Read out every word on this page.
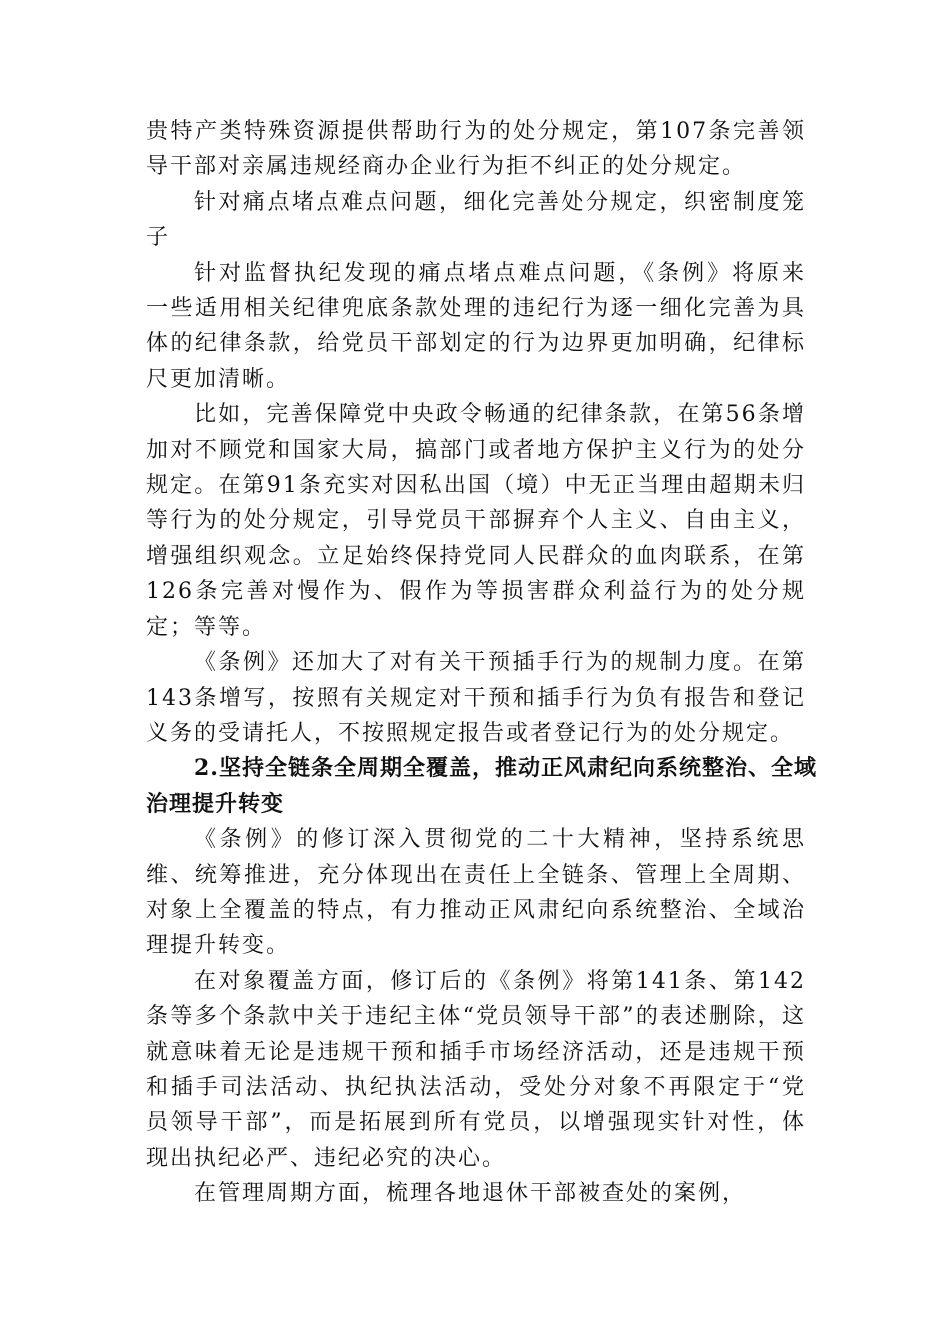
贵特产类特殊资源提供帮助行为的处分规定，第107条完善领导干部对亲属违规经商办企业行为拒不纠正的处分规定。

针对痛点堵点难点问题，细化完善处分规定，织密制度笼子

针对监督执纪发现的痛点堵点难点问题，《条例》将原来一些适用相关纪律兜底条款处理的违纪行为逐一细化完善为具体的纪律条款，给党员干部划定的行为边界更加明确，纪律标尺更加清晰。

比如，完善保障党中央政令畅通的纪律条款，在第56条增加对不顾党和国家大局，搞部门或者地方保护主义行为的处分规定。在第91条充实对因私出国（境）中无正当理由超期未归等行为的处分规定，引导党员干部摒弃个人主义、自由主义，增强组织观念。立足始终保持党同人民群众的血肉联系，在第126条完善对慢作为、假作为等损害群众利益行为的处分规定；等等。

《条例》还加大了对有关干预插手行为的规制力度。在第143条增写，按照有关规定对干预和插手行为负有报告和登记义务的受请托人，不按照规定报告或者登记行为的处分规定。

2.坚持全链条全周期全覆盖，推动正风肃纪向系统整治、全域治理提升转变

《条例》的修订深入贯彻党的二十大精神，坚持系统思维、统筹推进，充分体现出在责任上全链条、管理上全周期、对象上全覆盖的特点，有力推动正风肃纪向系统整治、全域治理提升转变。

在对象覆盖方面，修订后的《条例》将第141条、第142条等多个条款中关于违纪主体“党员领导干部”的表述删除，这就意味着无论是违规干预和插手市场经济活动，还是违规干预和插手司法活动、执纪执法活动，受处分对象不再限定于“党员领导干部”，而是拓展到所有党员，以增强现实针对性，体现出执纪必严、违纪必究的决心。

在管理周期方面，梳理各地退休干部被查处的案例，
